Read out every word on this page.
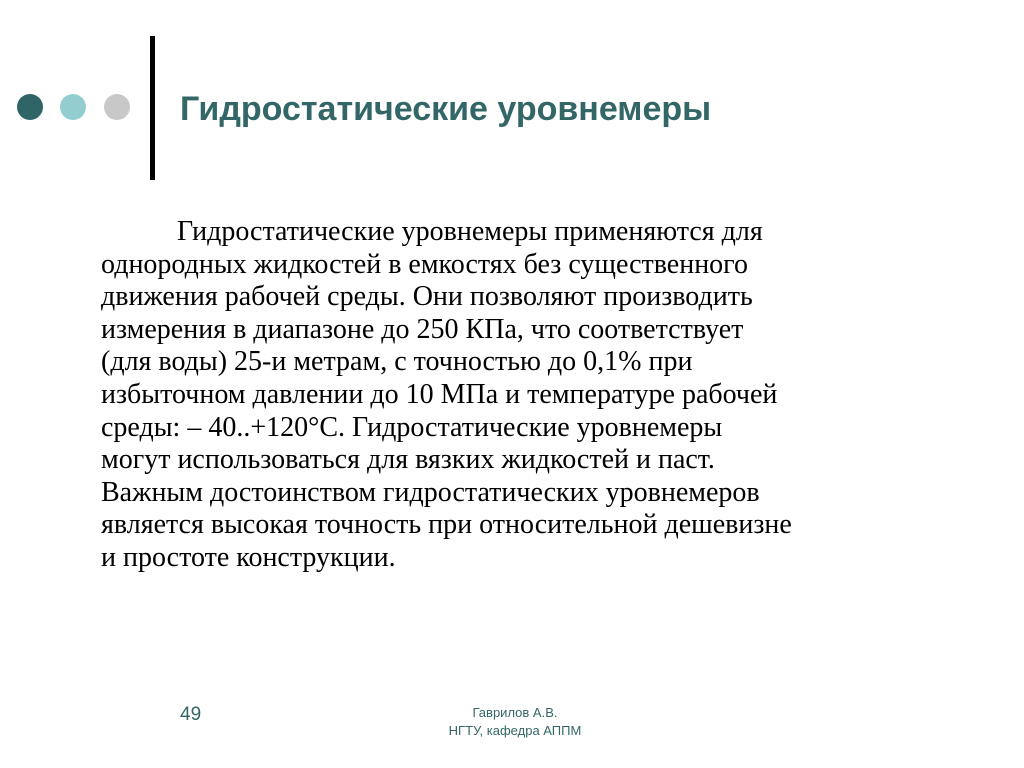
Гидростатические уровнемеры

Гидростатические уровнемеры применяются для
однородных жидкостей в емкостях без существенного
движения рабочей среды. Они позволяют производить
измерения в диапазоне до 250 КПа, что соответствует
(для воды) 25-и метрам, с точностью до 0,1% при
избыточном давлении до 10 МПа и температуре рабочей
среды: – 40..+120°С. Гидростатические уровнемеры
могут использоваться для вязких жидкостей и паст.
Важным достоинством гидростатических уровнемеров
является высокая точность при относительной дешевизне
и простоте конструкции.

49	Гаврилов А.В.
НГТУ, кафедра АППМ
